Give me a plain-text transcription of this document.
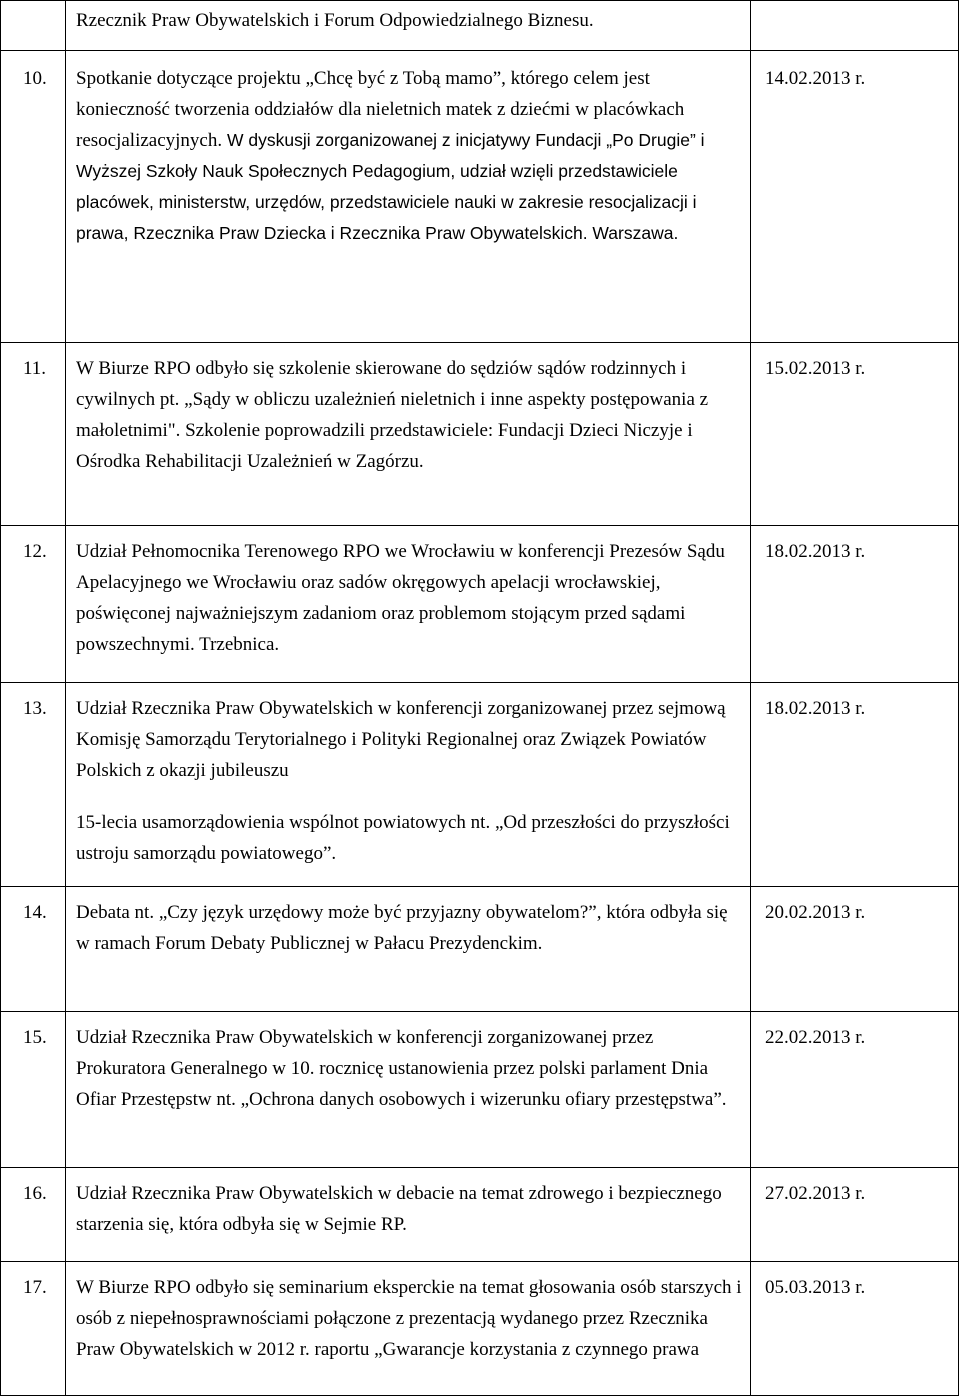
	Rzecznik Praw Obywatelskich i Forum Odpowiedzialnego Biznesu.	

10.	Spotkanie dotyczące projektu „Chcę być z Tobą mamo”, którego celem jest konieczność tworzenia oddziałów dla nieletnich matek z dziećmi w placówkach resocjalizacyjnych. W dyskusji zorganizowanej z inicjatywy Fundacji „Po Drugie” i Wyższej Szkoły Nauk Społecznych Pedagogium, udział wzięli przedstawiciele placówek, ministerstw, urzędów, przedstawiciele nauki w zakresie resocjalizacji i prawa, Rzecznika Praw Dziecka i Rzecznika Praw Obywatelskich. Warszawa.	14.02.2013 r.
11.	W Biurze RPO odbyło się szkolenie skierowane do sędziów sądów rodzinnych i cywilnych pt. „Sądy w obliczu uzależnień nieletnich i inne aspekty postępowania z małoletnimi". Szkolenie poprowadzili przedstawiciele: Fundacji Dzieci Niczyje i Ośrodka Rehabilitacji Uzależnień w Zagórzu.	15.02.2013 r.
12.	Udział Pełnomocnika Terenowego RPO we Wrocławiu w konferencji Prezesów Sądu Apelacyjnego we Wrocławiu oraz sadów okręgowych apelacji wrocławskiej, poświęconej najważniejszym zadaniom oraz problemom stojącym przed sądami powszechnymi. Trzebnica.	18.02.2013 r.
13.	Udział Rzecznika Praw Obywatelskich w konferencji zorganizowanej przez sejmową Komisję Samorządu Terytorialnego i Polityki Regionalnej oraz Związek Powiatów Polskich z okazji jubileuszu
15-lecia usamorządowienia wspólnot powiatowych nt. „Od przeszłości do przyszłości ustroju samorządu powiatowego”.	18.02.2013 r.
14.	Debata nt. „Czy język urzędowy może być przyjazny obywatelom?”, która odbyła się w ramach Forum Debaty Publicznej w Pałacu Prezydenckim.	20.02.2013 r.
15.	Udział Rzecznika Praw Obywatelskich w konferencji zorganizowanej przez Prokuratora Generalnego w 10. rocznicę ustanowienia przez polski parlament Dnia Ofiar Przestępstw nt. „Ochrona danych osobowych i wizerunku ofiary przestępstwa”.	22.02.2013 r.
16.	Udział Rzecznika Praw Obywatelskich w debacie na temat zdrowego i bezpiecznego starzenia się, która odbyła się w Sejmie RP.	27.02.2013 r.
17.	W Biurze RPO odbyło się seminarium eksperckie na temat głosowania osób starszych i osób z niepełnosprawnościami połączone z prezentacją wydanego przez Rzecznika Praw Obywatelskich w 2012 r. raportu „Gwarancje korzystania z czynnego prawa	05.03.2013 r.
